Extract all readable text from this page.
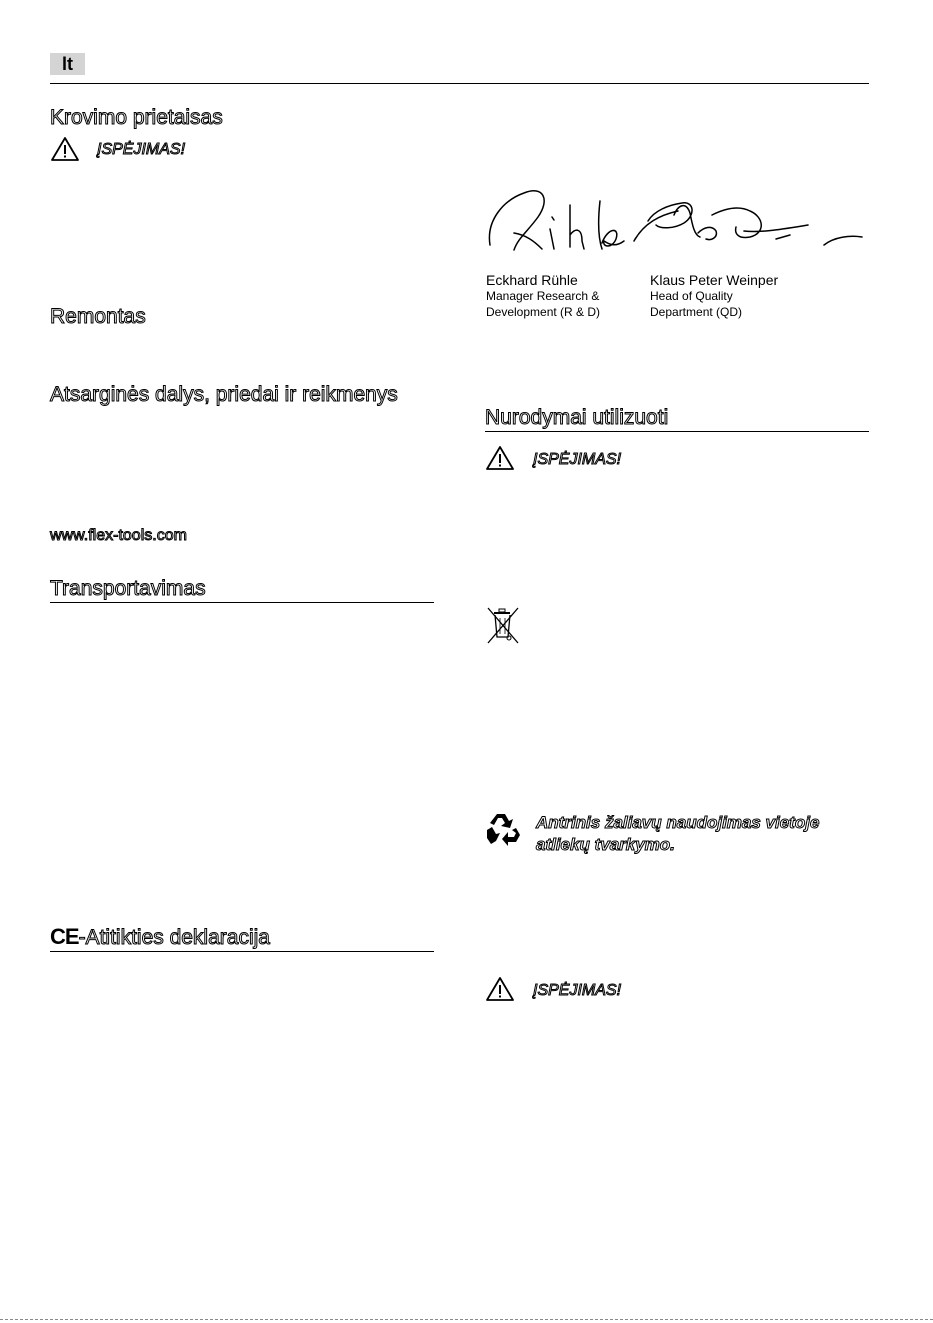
lt
Krovimo prietaisas
ĮSPĖJIMAS!
Remontas
Atsarginės dalys, priedai ir reikmenys
www.flex-tools.com
Transportavimas
CE-Atitikties deklaracija
Eckhard Rühle
Manager Research &
Development (R & D)
Klaus Peter Weinper
Head of Quality
Department (QD)
Nurodymai utilizuoti
ĮSPĖJIMAS!
Antrinis žaliavų naudojimas vietoje
atliekų tvarkymo.
ĮSPĖJIMAS!
